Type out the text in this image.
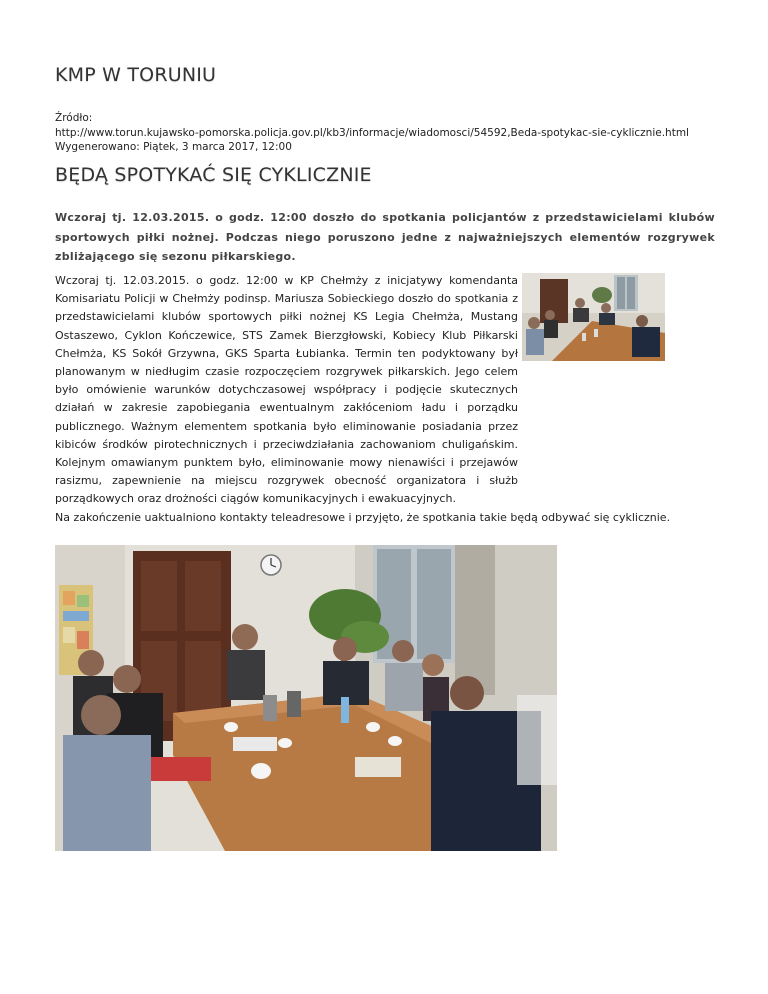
KMP W TORUNIU
Źródło:
http://www.torun.kujawsko-pomorska.policja.gov.pl/kb3/informacje/wiadomosci/54592,Beda-spotykac-sie-cyklicznie.html
Wygenerowano: Piątek, 3 marca 2017, 12:00
BĘDĄ SPOTYKAĆ SIĘ CYKLICZNIE
Wczoraj tj. 12.03.2015. o godz. 12:00 doszło do spotkania policjantów z przedstawicielami klubów sportowych piłki nożnej. Podczas niego poruszono jedne z najważniejszych elementów rozgrywek zbliżającego się sezonu piłkarskiego.
Wczoraj tj. 12.03.2015. o godz. 12:00 w KP Chełmży z inicjatywy komendanta Komisariatu Policji w Chełmży podinsp. Mariusza Sobieckiego doszło do spotkania z przedstawicielami klubów sportowych piłki nożnej KS Legia Chełmża, Mustang Ostaszewo, Cyklon Kończewice, STS Zamek Bierzgłowski, Kobiecy Klub Piłkarski Chełmża, KS Sokół Grzywna, GKS Sparta Łubianka. Termin ten podyktowany był planowanym w niedługim czasie rozpoczęciem rozgrywek piłkarskich. Jego celem było omówienie warunków dotychczasowej współpracy i podjęcie skutecznych działań w zakresie zapobiegania ewentualnym zakłóceniom ładu i porządku publicznego. Ważnym elementem spotkania było eliminowanie posiadania przez kibiców środków pirotechnicznych i przeciwdziałania zachowaniom chuligańskim. Kolejnym omawianym punktem było, eliminowanie mowy nienawiści i przejawów rasizmu, zapewnienie na miejscu rozgrywek obecność organizatora i służb porządkowych oraz drożności ciągów komunikacyjnych i ewakuacyjnych.
Na zakończenie uaktualniono kontakty teleadresowe i przyjęto, że spotkania takie będą odbywać się cyklicznie.
